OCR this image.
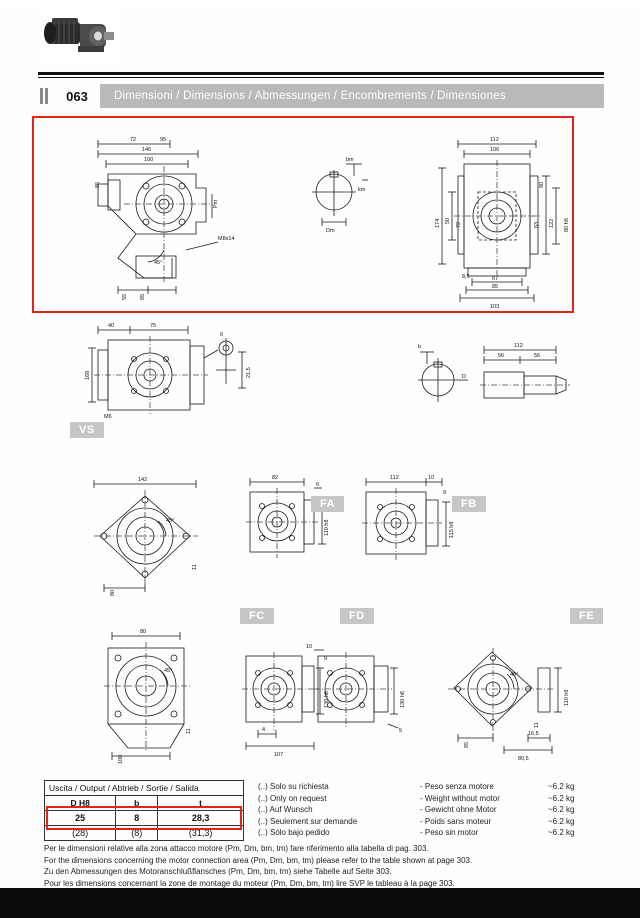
063	Dimensioni / Dimensions / Abmessungen / Encombrements / Dimensiones
72	95
146
100
85
Pm
M8x14
55 85
45°
bm
km
Dm
112
106
80
122
63
174 50
72
8,5	67
85
103
80 h8
40	75
168
M6
6
21,5
b
D
112
56	56
VS
142
45°
80
11
82
6
110 h8
FA
112	10
9
115 h8
FB
80
100
11
45°
130 h8
10
9
4
107
FC
130 h8
5
FD
110 h8
45°
85
16,5
80,5
11
FE
Uscita / Output / Abtrieb / Sortie / Salida		
D H8	b	t
25	8	28,3
(28)	(8)	(31,3)
(..) Solo su richiesta
(..) Only on request
(..) Auf Wunsch
(..) Seulement sur demande
(..) Sólo bajo pedido
- Peso senza motore	~6.2 kg
- Weight without motor	~6.2 kg
- Gewicht ohne Motor	~6.2 kg
- Poids sans moteur	~6.2 kg
- Peso sin motor	~6.2 kg
Per le dimensioni relative alla zona attacco motore (Pm, Dm, bm, tm) fare riferimento alla tabella di pag. 303.
For the dimensions concerning the motor connection area (Pm, Dm, bm, tm) please refer to the table shown at page 303.
Zu den Abmessungen des Motoranschlußflansches (Pm, Dm, bm, tm) siehe Tabelle auf Seite 303.
Pour les dimensions concernant la zone de montage du moteur (Pm, Dm, bm, tm) lire SVP le tableau à la page 303.
